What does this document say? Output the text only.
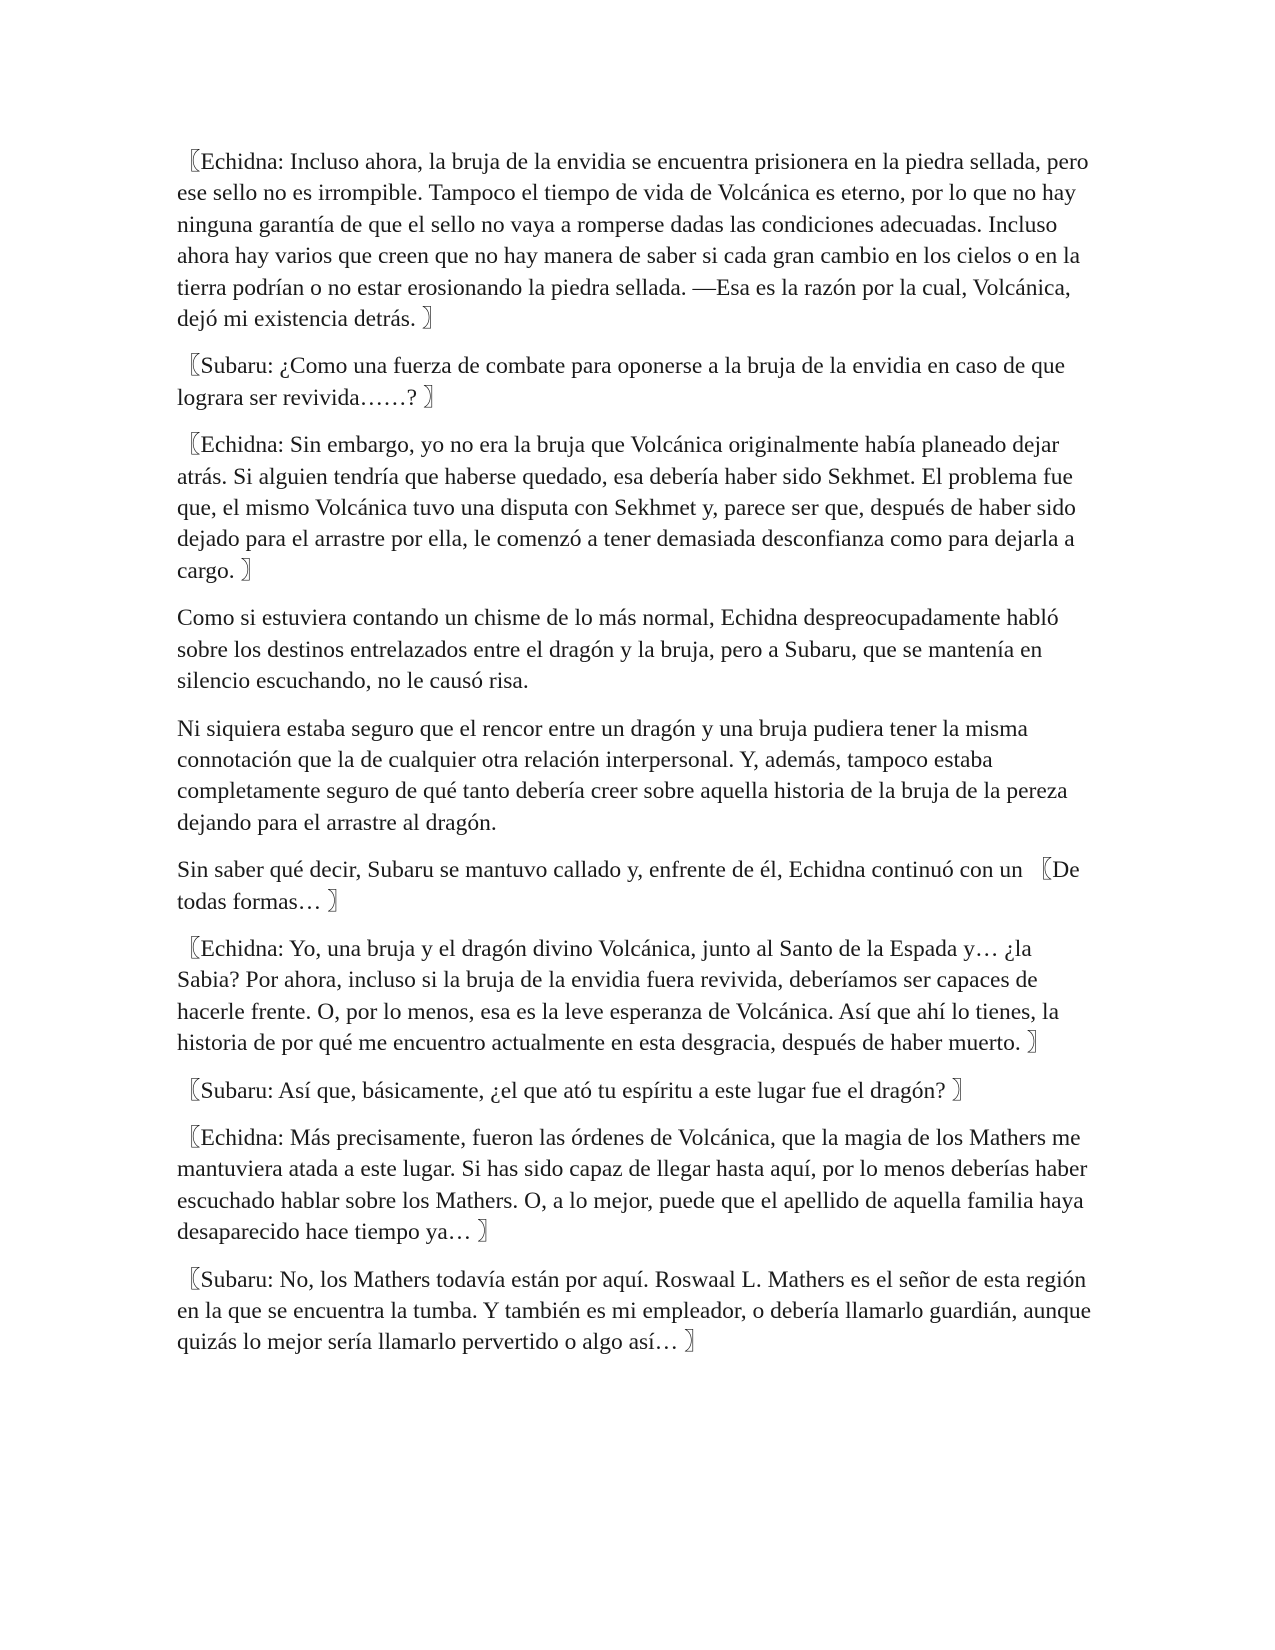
〖Echidna: Incluso ahora, la bruja de la envidia se encuentra prisionera en la piedra sellada, pero ese sello no es irrompible. Tampoco el tiempo de vida de Volcánica es eterno, por lo que no hay ninguna garantía de que el sello no vaya a romperse dadas las condiciones adecuadas. Incluso ahora hay varios que creen que no hay manera de saber si cada gran cambio en los cielos o en la tierra podrían o no estar erosionando la piedra sellada. —Esa es la razón por la cual, Volcánica, dejó mi existencia detrás. 〗

〖Subaru: ¿Como una fuerza de combate para oponerse a la bruja de la envidia en caso de que lograra ser revivida……? 〗

〖Echidna: Sin embargo, yo no era la bruja que Volcánica originalmente había planeado dejar atrás. Si alguien tendría que haberse quedado, esa debería haber sido Sekhmet. El problema fue que, el mismo Volcánica tuvo una disputa con Sekhmet y, parece ser que, después de haber sido dejado para el arrastre por ella, le comenzó a tener demasiada desconfianza como para dejarla a cargo. 〗

Como si estuviera contando un chisme de lo más normal, Echidna despreocupadamente habló sobre los destinos entrelazados entre el dragón y la bruja, pero a Subaru, que se mantenía en silencio escuchando, no le causó risa.

Ni siquiera estaba seguro que el rencor entre un dragón y una bruja pudiera tener la misma connotación que la de cualquier otra relación interpersonal. Y, además, tampoco estaba completamente seguro de qué tanto debería creer sobre aquella historia de la bruja de la pereza dejando para el arrastre al dragón.

Sin saber qué decir, Subaru se mantuvo callado y, enfrente de él, Echidna continuó con un 〖De todas formas… 〗

〖Echidna: Yo, una bruja y el dragón divino Volcánica, junto al Santo de la Espada y… ¿la Sabia? Por ahora, incluso si la bruja de la envidia fuera revivida, deberíamos ser capaces de hacerle frente. O, por lo menos, esa es la leve esperanza de Volcánica. Así que ahí lo tienes, la historia de por qué me encuentro actualmente en esta desgracia, después de haber muerto. 〗

〖Subaru: Así que, básicamente, ¿el que ató tu espíritu a este lugar fue el dragón? 〗

〖Echidna: Más precisamente, fueron las órdenes de Volcánica, que la magia de los Mathers me mantuviera atada a este lugar. Si has sido capaz de llegar hasta aquí, por lo menos deberías haber escuchado hablar sobre los Mathers. O, a lo mejor, puede que el apellido de aquella familia haya desaparecido hace tiempo ya… 〗

〖Subaru: No, los Mathers todavía están por aquí. Roswaal L. Mathers es el señor de esta región en la que se encuentra la tumba. Y también es mi empleador, o debería llamarlo guardián, aunque quizás lo mejor sería llamarlo pervertido o algo así… 〗
